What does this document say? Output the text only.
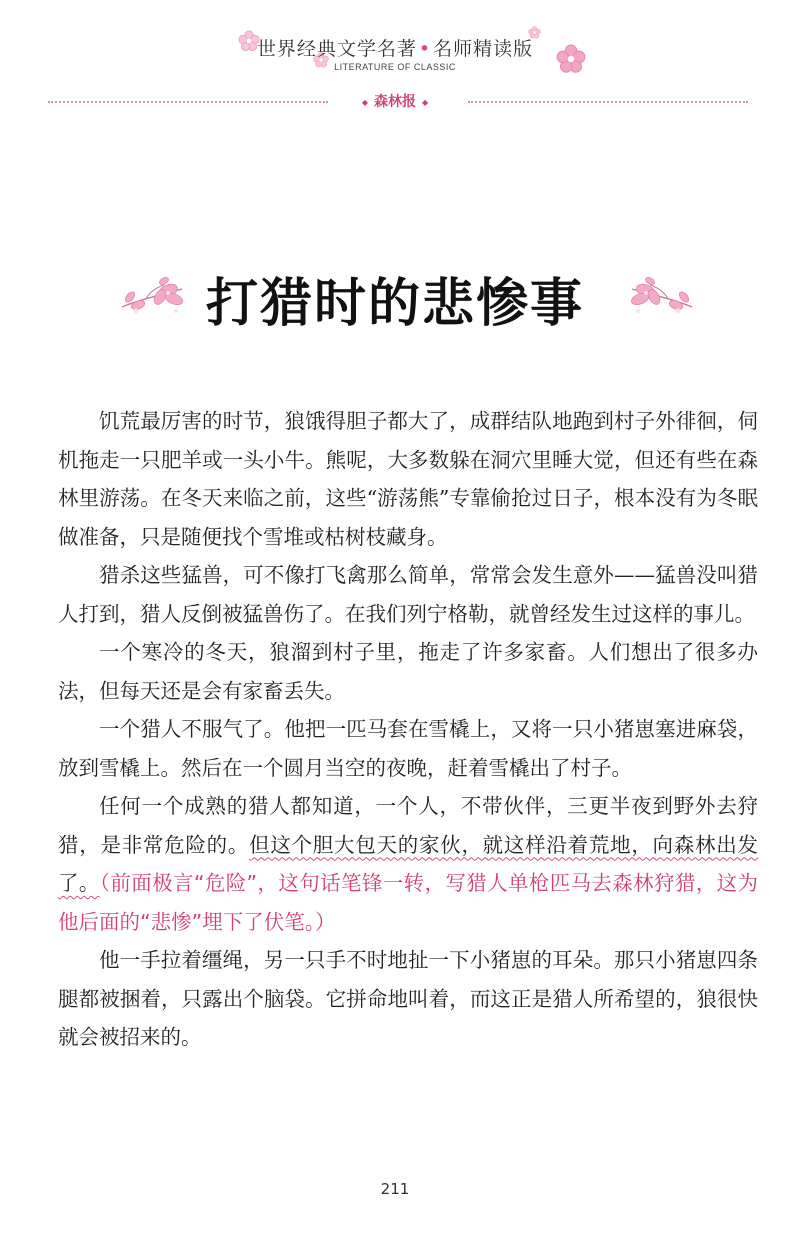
世界经典文学名著 • 名师精读版
LITERATURE OF CLASSIC
◆ 森林报 ◆
打猎时的悲惨事

饥荒最厉害的时节，狼饿得胆子都大了，成群结队地跑到村子外徘徊，伺机拖走一只肥羊或一头小牛。熊呢，大多数躲在洞穴里睡大觉，但还有些在森林里游荡。在冬天来临之前，这些“游荡熊”专靠偷抢过日子，根本没有为冬眠做准备，只是随便找个雪堆或枯树枝藏身。

猎杀这些猛兽，可不像打飞禽那么简单，常常会发生意外——猛兽没叫猎人打到，猎人反倒被猛兽伤了。在我们列宁格勒，就曾经发生过这样的事儿。

一个寒冷的冬天，狼溜到村子里，拖走了许多家畜。人们想出了很多办法，但每天还是会有家畜丢失。

一个猎人不服气了。他把一匹马套在雪橇上，又将一只小猪崽塞进麻袋，放到雪橇上。然后在一个圆月当空的夜晚，赶着雪橇出了村子。

任何一个成熟的猎人都知道，一个人，不带伙伴，三更半夜到野外去狩猎，是非常危险的。但这个胆大包天的家伙，就这样沿着荒地，向森林出发了。（前面极言“危险”，这句话笔锋一转，写猎人单枪匹马去森林狩猎，这为他后面的“悲惨”埋下了伏笔。）

他一手拉着缰绳，另一只手不时地扯一下小猪崽的耳朵。那只小猪崽四条腿都被捆着，只露出个脑袋。它拼命地叫着，而这正是猎人所希望的，狼很快就会被招来的。

211
